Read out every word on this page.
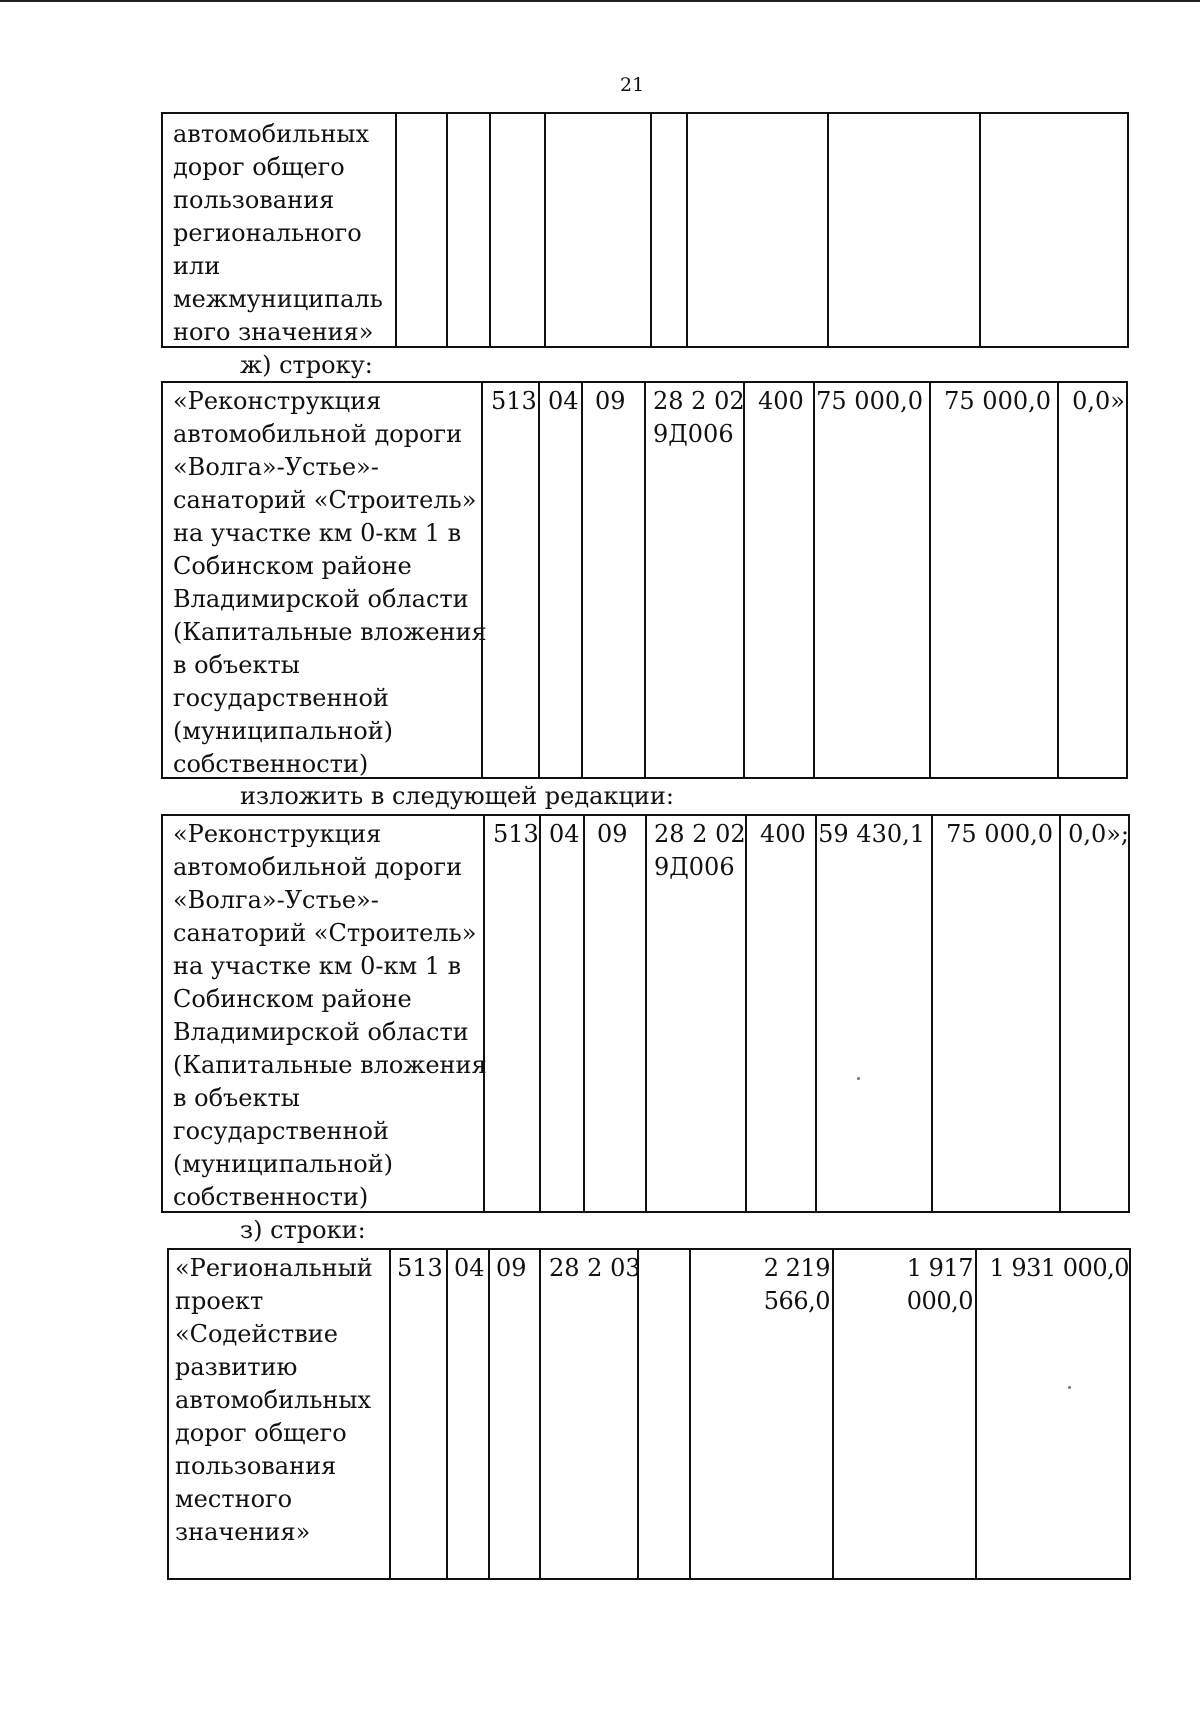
21
автомобильных
дорог общего
пользования
регионального
или
межмуниципаль
ного значения»
ж) строку:
«Реконструкция
автомобильной дороги
«Волга»-Устье»-
санаторий «Строитель»
на участке км 0-км 1 в
Собинском районе
Владимирской области
(Капитальные вложения
в объекты
государственной
(муниципальной)
собственности)
513 04 09 28 2 02
9Д006
400 75 000,0 75 000,0 0,0»
изложить в следующей редакции:
«Реконструкция
автомобильной дороги
«Волга»-Устье»-
санаторий «Строитель»
на участке км 0-км 1 в
Собинском районе
Владимирской области
(Капитальные вложения
в объекты
государственной
(муниципальной)
собственности)
513 04 09 28 2 02
9Д006
400 59 430,1 75 000,0 0,0»;
з) строки:
«Региональный
проект
«Содействие
развитию
автомобильных
дорог общего
пользования
местного
значения»
513 04 09 28 2 03	2 219 566,0
1 917 000,0
1 931 000,0
